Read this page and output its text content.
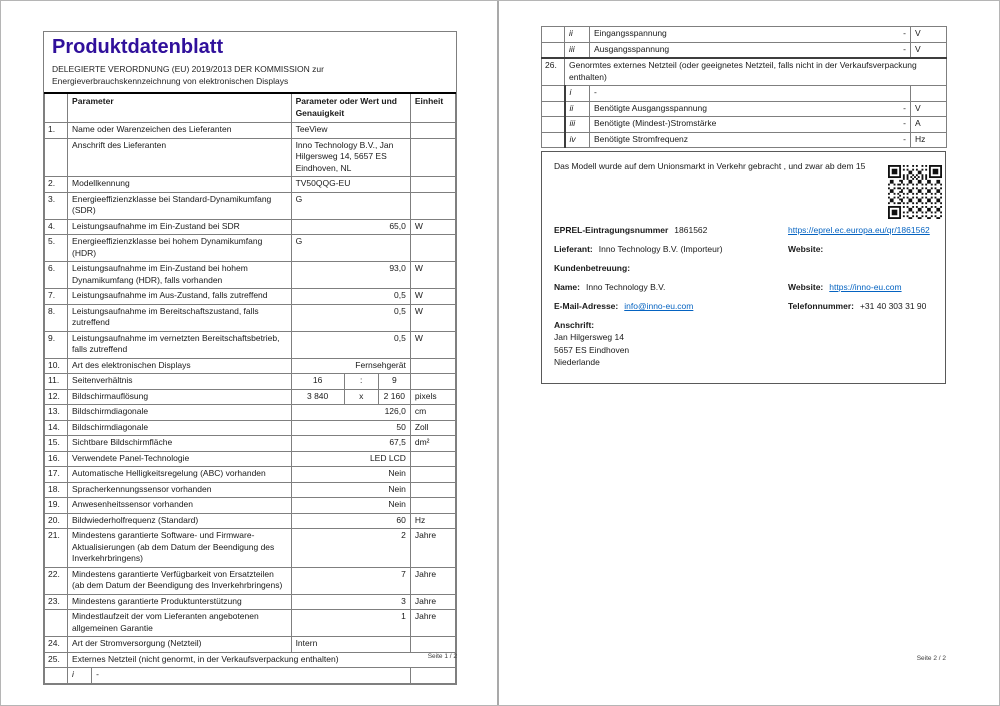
Produktdatenblatt
DELEGIERTE VERORDNUNG (EU) 2019/2013 DER KOMMISSION zur
Energieverbrauchskennzeichnung von elektronischen Displays
	Parameter		Parameter oder Wert und Genauigkeit			Einheit
1.	Name oder Warenzeichen des Lieferanten		TeeView			
	Anschrift des Lieferanten		Inno Technology B.V., Jan Hilgersweg 14, 5657 ES Eindhoven, NL			
2.	Modellkennung		TV50QQG-EU			
3.	Energieeffizienzklasse bei Standard-Dynamikumfang (SDR)		G			
4.	Leistungsaufnahme im Ein-Zustand bei SDR		65,0			W
5.	Energieeffizienzklasse bei hohem Dynamikumfang (HDR)		G			
6.	Leistungsaufnahme im Ein-Zustand bei hohem Dynamikumfang (HDR), falls vorhanden		93,0			W
7.	Leistungsaufnahme im Aus-Zustand, falls zutreffend		0,5			W
8.	Leistungsaufnahme im Bereitschaftszustand, falls zutreffend		0,5			W
9.	Leistungsaufnahme im vernetzten Bereitschaftsbetrieb, falls zutreffend		0,5			W
10.	Art des elektronischen Displays		Fernsehgerät			
11.	Seitenverhältnis		16	:	9	
12.	Bildschirmauflösung		3 840	x	2 160	pixels
13.	Bildschirmdiagonale		126,0			cm
14.	Bildschirmdiagonale		50			Zoll
15.	Sichtbare Bildschirmfläche		67,5			dm²
16.	Verwendete Panel-Technologie		LED LCD			
17.	Automatische Helligkeitsregelung (ABC) vorhanden		Nein			
18.	Spracherkennungssensor vorhanden		Nein			
19.	Anwesenheitssensor vorhanden		Nein			
20.	Bildwiederholfrequenz (Standard)		60			Hz
21.	Mindestens garantierte Software- und Firmware-Aktualisierungen (ab dem Datum der Beendigung des Inverkehrbringens)		2			Jahre
22.	Mindestens garantierte Verfügbarkeit von Ersatzteilen (ab dem Datum der Beendigung des Inverkehrbringens)		7			Jahre
23.	Mindestens garantierte Produktunterstützung		3			Jahre
	Mindestlaufzeit der vom Lieferanten angebotenen allgemeinen Garantie		1			Jahre
24.	Art der Stromversorgung (Netzteil)		Intern			
25.	Externes Netzteil (nicht genormt, in der Verkaufsverpackung enthalten)					
	i	-				
Seite 1 / 2
	ii	Eingangsspannung -	V
	iii	Ausgangsspannung -	V
26.	Genormtes externes Netzteil (oder geeignetes Netzteil, falls nicht in der Verkaufsverpackung enthalten)		
	i	-	

	ii	Benötigte Ausgangsspannung -	V
	iii	Benötigte (Mindest-)Stromstärke -	A
	iv	Benötigte Stromfrequenz -	Hz
Das Modell wurde auf dem Unionsmarkt in Verkehr gebracht , und zwar ab dem 15
EPREL-Eintragungsnummer 1861562	https://eprel.ec.europa.eu/qr/1861562
Lieferant: Inno Technology B.V. (Importeur)	Website:
Kundenbetreuung:
Name: Inno Technology B.V.	Website: https://inno-eu.com
E-Mail-Adresse: info@inno-eu.com	Telefonnummer: +31 40 303 31 90
Anschrift:
Jan Hilgersweg 14
5657 ES Eindhoven
Niederlande
Seite 2 / 2
